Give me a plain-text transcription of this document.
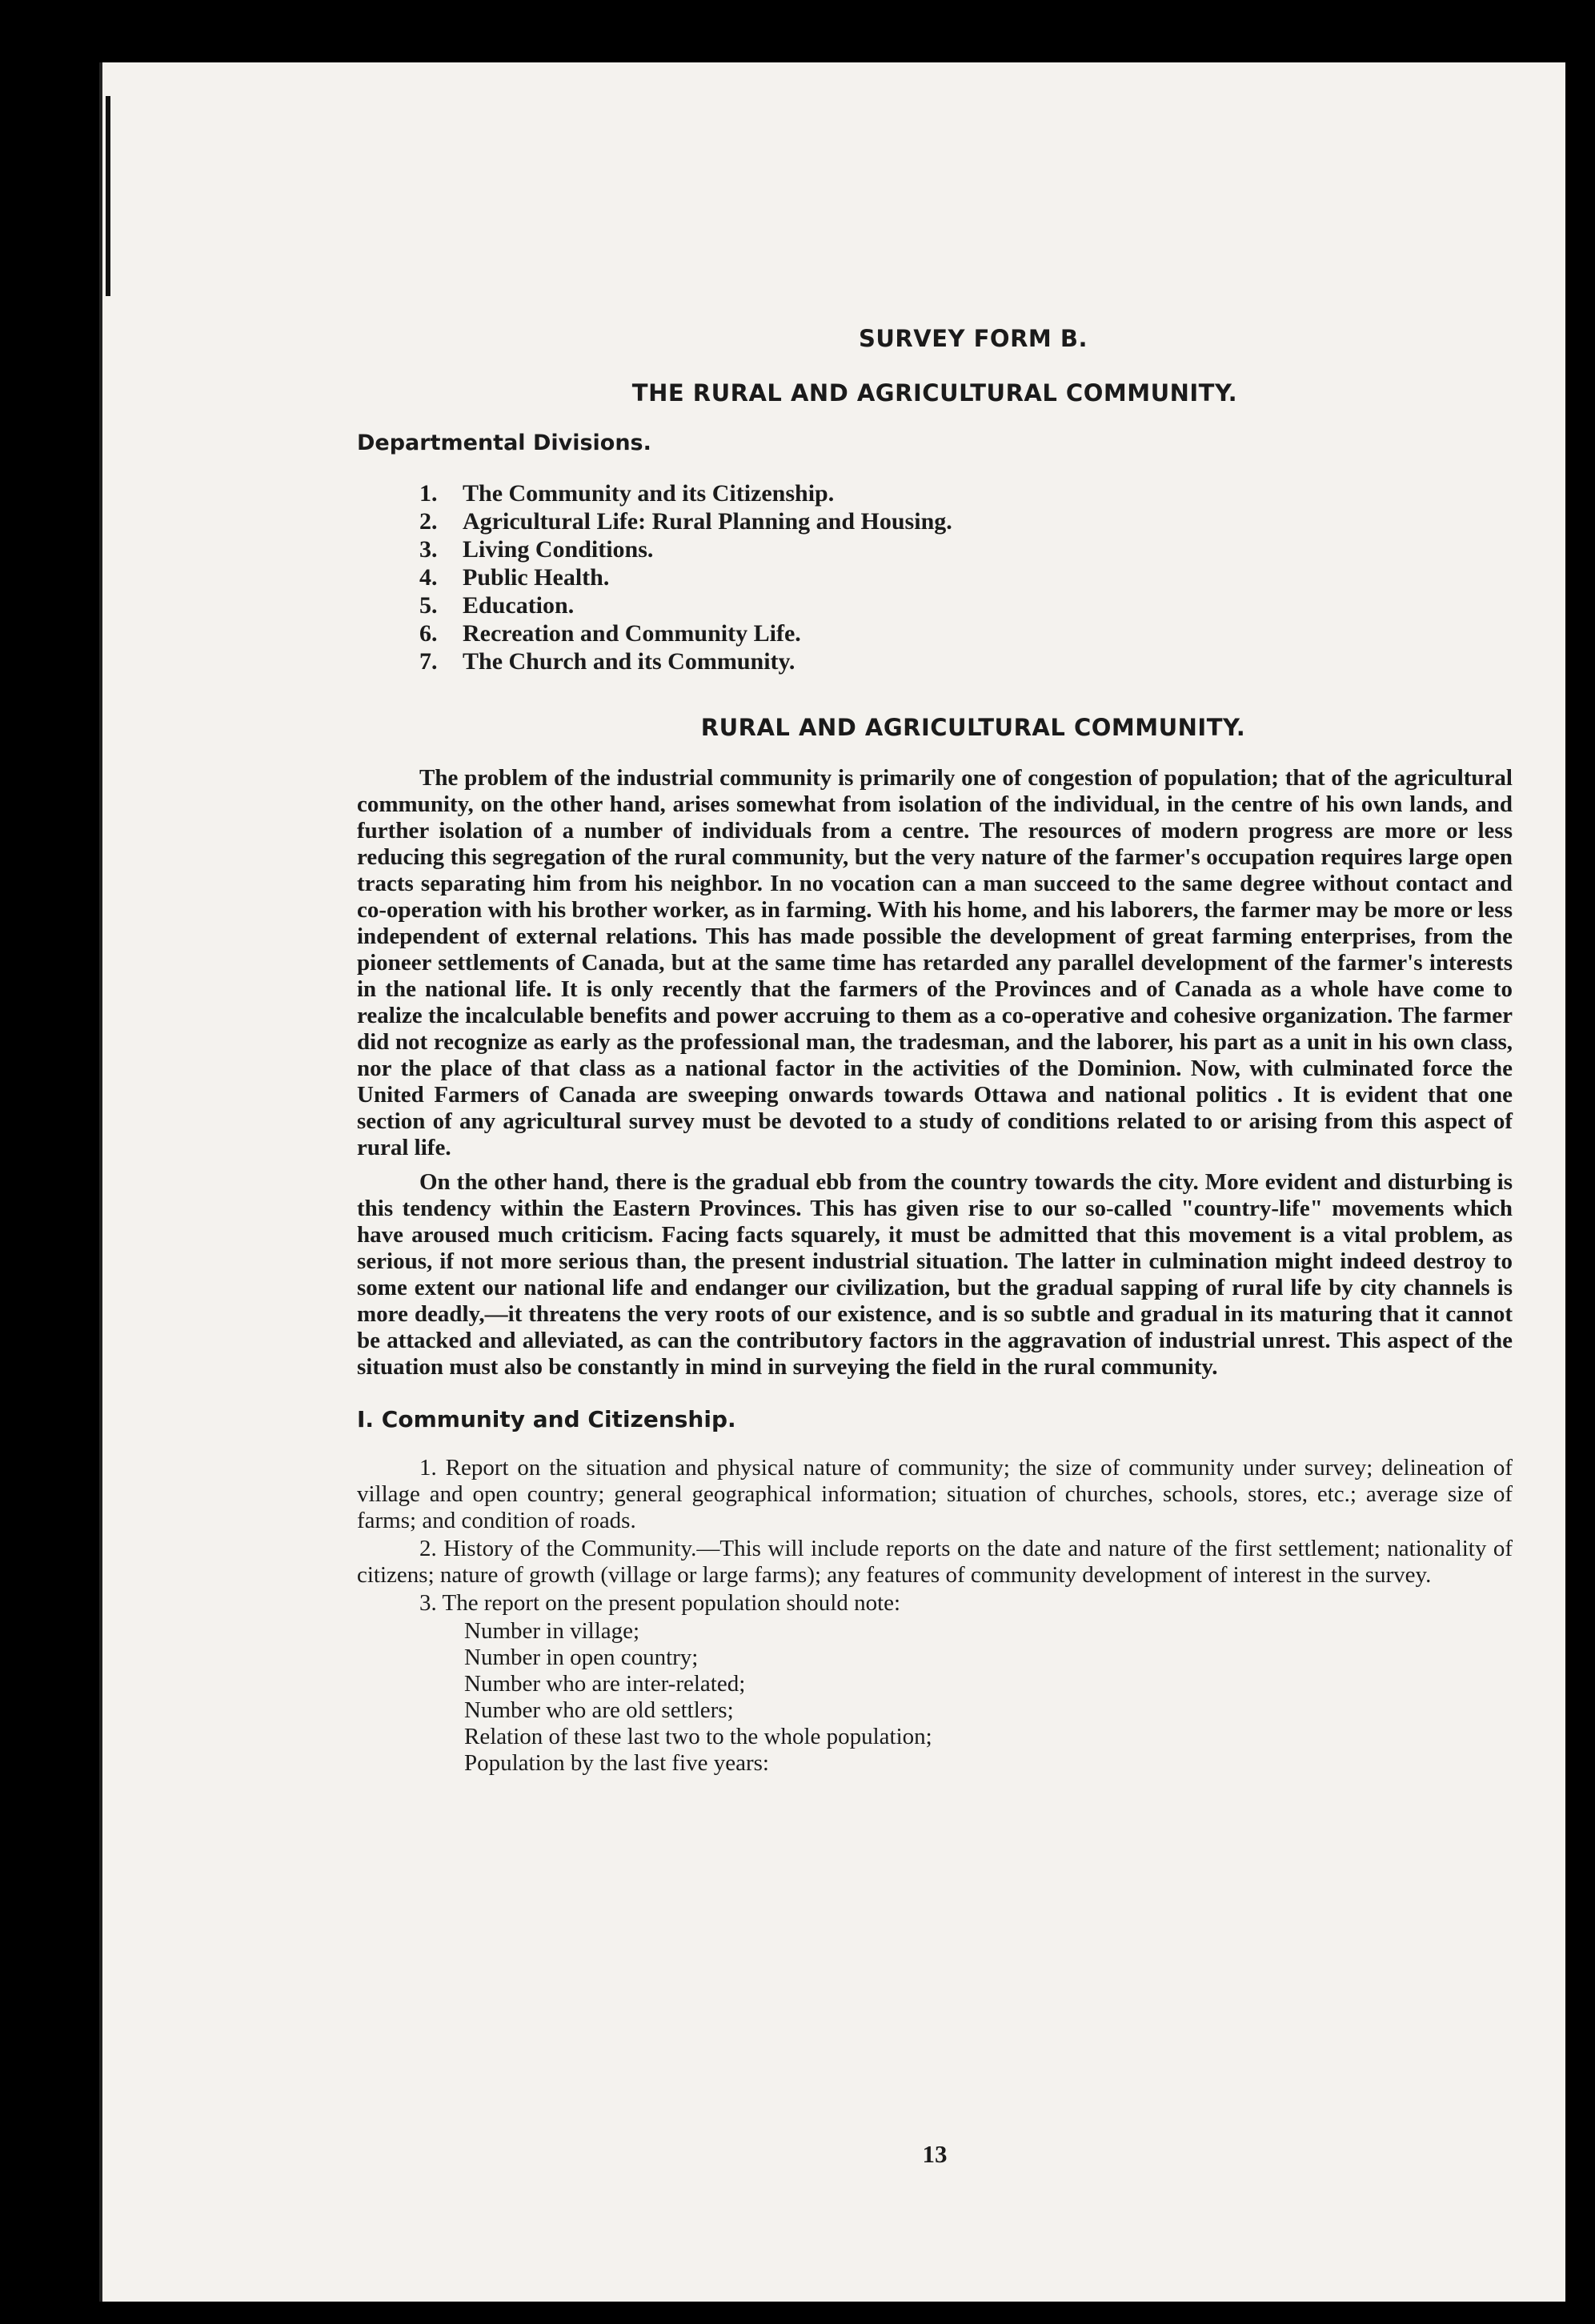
SURVEY FORM B.
THE RURAL AND AGRICULTURAL COMMUNITY.
Departmental Divisions.
1.	The Community and its Citizenship.
2.	Agricultural Life: Rural Planning and Housing.
3.	Living Conditions.
4.	Public Health.
5.	Education.
6.	Recreation and Community Life.
7.	The Church and its Community.
RURAL AND AGRICULTURAL COMMUNITY.

The problem of the industrial community is primarily one of congestion of population; that of the agricultural community, on the other hand, arises somewhat from isolation of the individual, in the centre of his own lands, and further isolation of a number of individuals from a centre. The resources of modern progress are more or less reducing this segregation of the rural community, but the very nature of the farmer's occupation requires large open tracts separating him from his neighbor. In no vocation can a man succeed to the same degree without contact and co-operation with his brother worker, as in farming. With his home, and his laborers, the farmer may be more or less independent of external relations. This has made possible the development of great farming enterprises, from the pioneer settlements of Canada, but at the same time has retarded any parallel development of the farmer's interests in the national life. It is only recently that the farmers of the Provinces and of Canada as a whole have come to realize the incalculable benefits and power accruing to them as a co-operative and cohesive organization. The farmer did not recognize as early as the professional man, the tradesman, and the laborer, his part as a unit in his own class, nor the place of that class as a national factor in the activities of the Dominion. Now, with culminated force the United Farmers of Canada are sweeping onwards towards Ottawa and national politics . It is evident that one section of any agricultural survey must be devoted to a study of conditions related to or arising from this aspect of rural life.

On the other hand, there is the gradual ebb from the country towards the city. More evident and disturbing is this tendency within the Eastern Provinces. This has given rise to our so-called "country-life" movements which have aroused much criticism. Facing facts squarely, it must be admitted that this movement is a vital problem, as serious, if not more serious than, the present industrial situation. The latter in culmination might indeed destroy to some extent our national life and endanger our civilization, but the gradual sapping of rural life by city channels is more deadly,—it threatens the very roots of our existence, and is so subtle and gradual in its maturing that it cannot be attacked and alleviated, as can the contributory factors in the aggravation of industrial unrest. This aspect of the situation must also be constantly in mind in surveying the field in the rural community.

I. Community and Citizenship.

1. Report on the situation and physical nature of community; the size of community under survey; delineation of village and open country; general geographical information; situation of churches, schools, stores, etc.; average size of farms; and condition of roads.

2. History of the Community.—This will include reports on the date and nature of the first settlement; nationality of citizens; nature of growth (village or large farms); any features of community development of interest in the survey.

3. The report on the present population should note:

Number in village;
Number in open country;
Number who are inter-related;
Number who are old settlers;
Relation of these last two to the whole population;
Population by the last five years:
13
